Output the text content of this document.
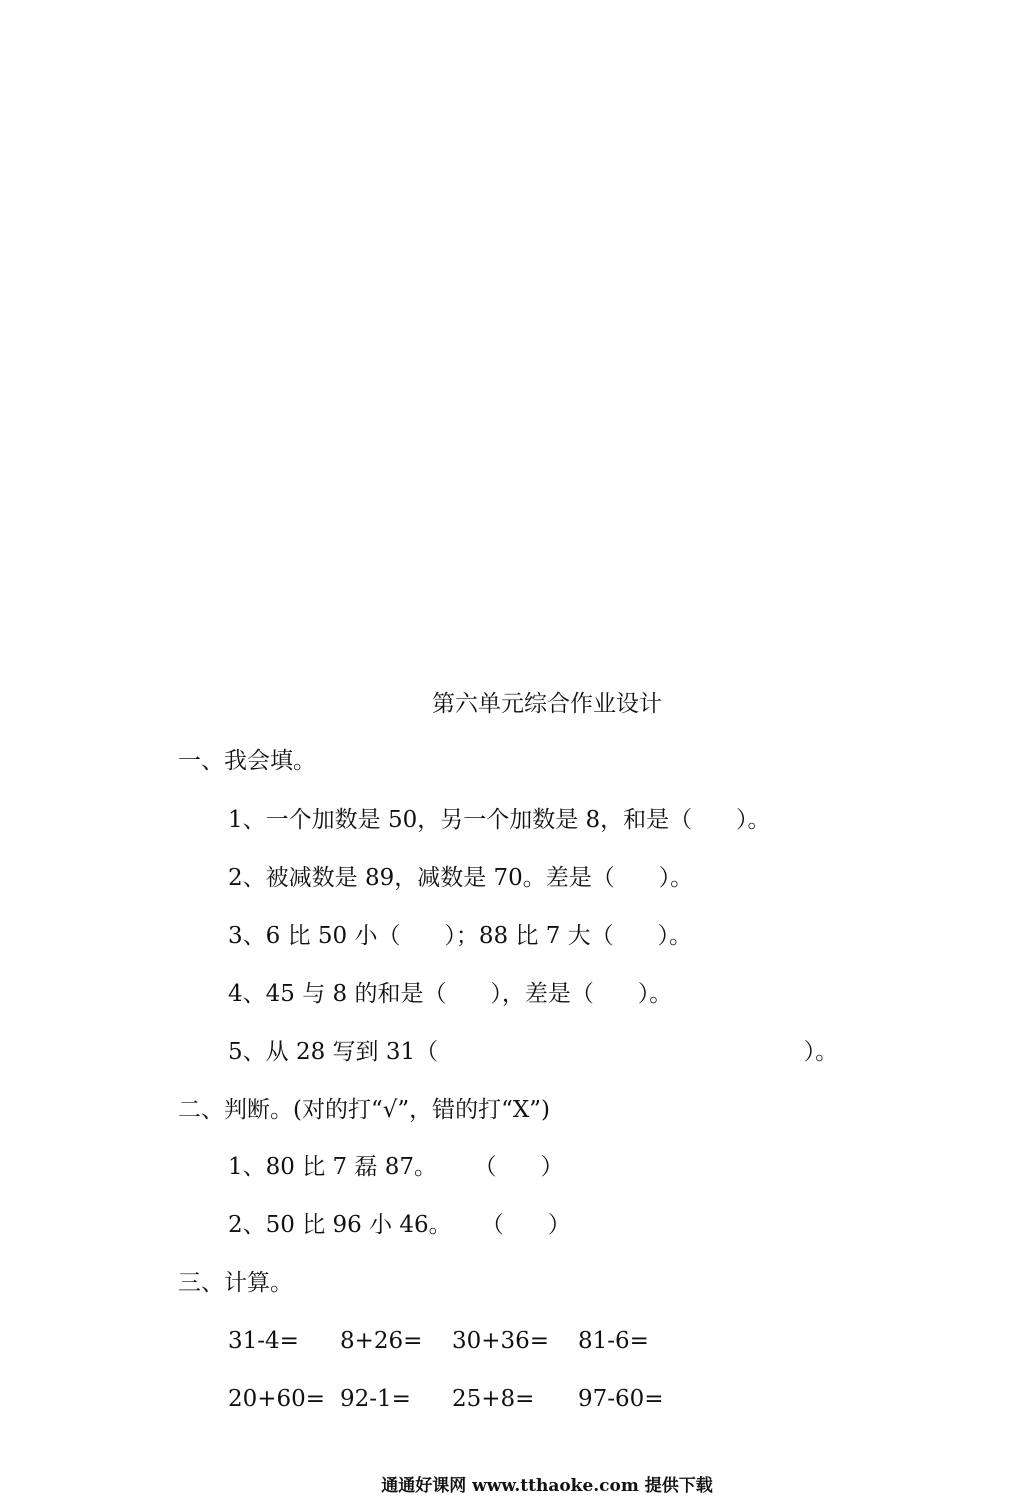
第六单元综合作业设计
一、我会填。
1、一个加数是 50，另一个加数是 8，和是（      ）。
2、被减数是 89，减数是 70。差是（      ）。
3、6 比 50 小（      ）；88 比 7 大（      ）。
4、45 与 8 的和是（      ），差是（      ）。
5、从 28 写到 31（                                                  ）。
二、判断。(对的打“√”，错的打“X”)
1、80 比 7 磊 87。     （      ）
2、50 比 96 小 46。    （      ）
三、计算。
31-4= 8+26= 30+36= 81-6=
20+60= 92-1= 25+8= 97-60=
通通好课网 www.tthaoke.com 提供下载
